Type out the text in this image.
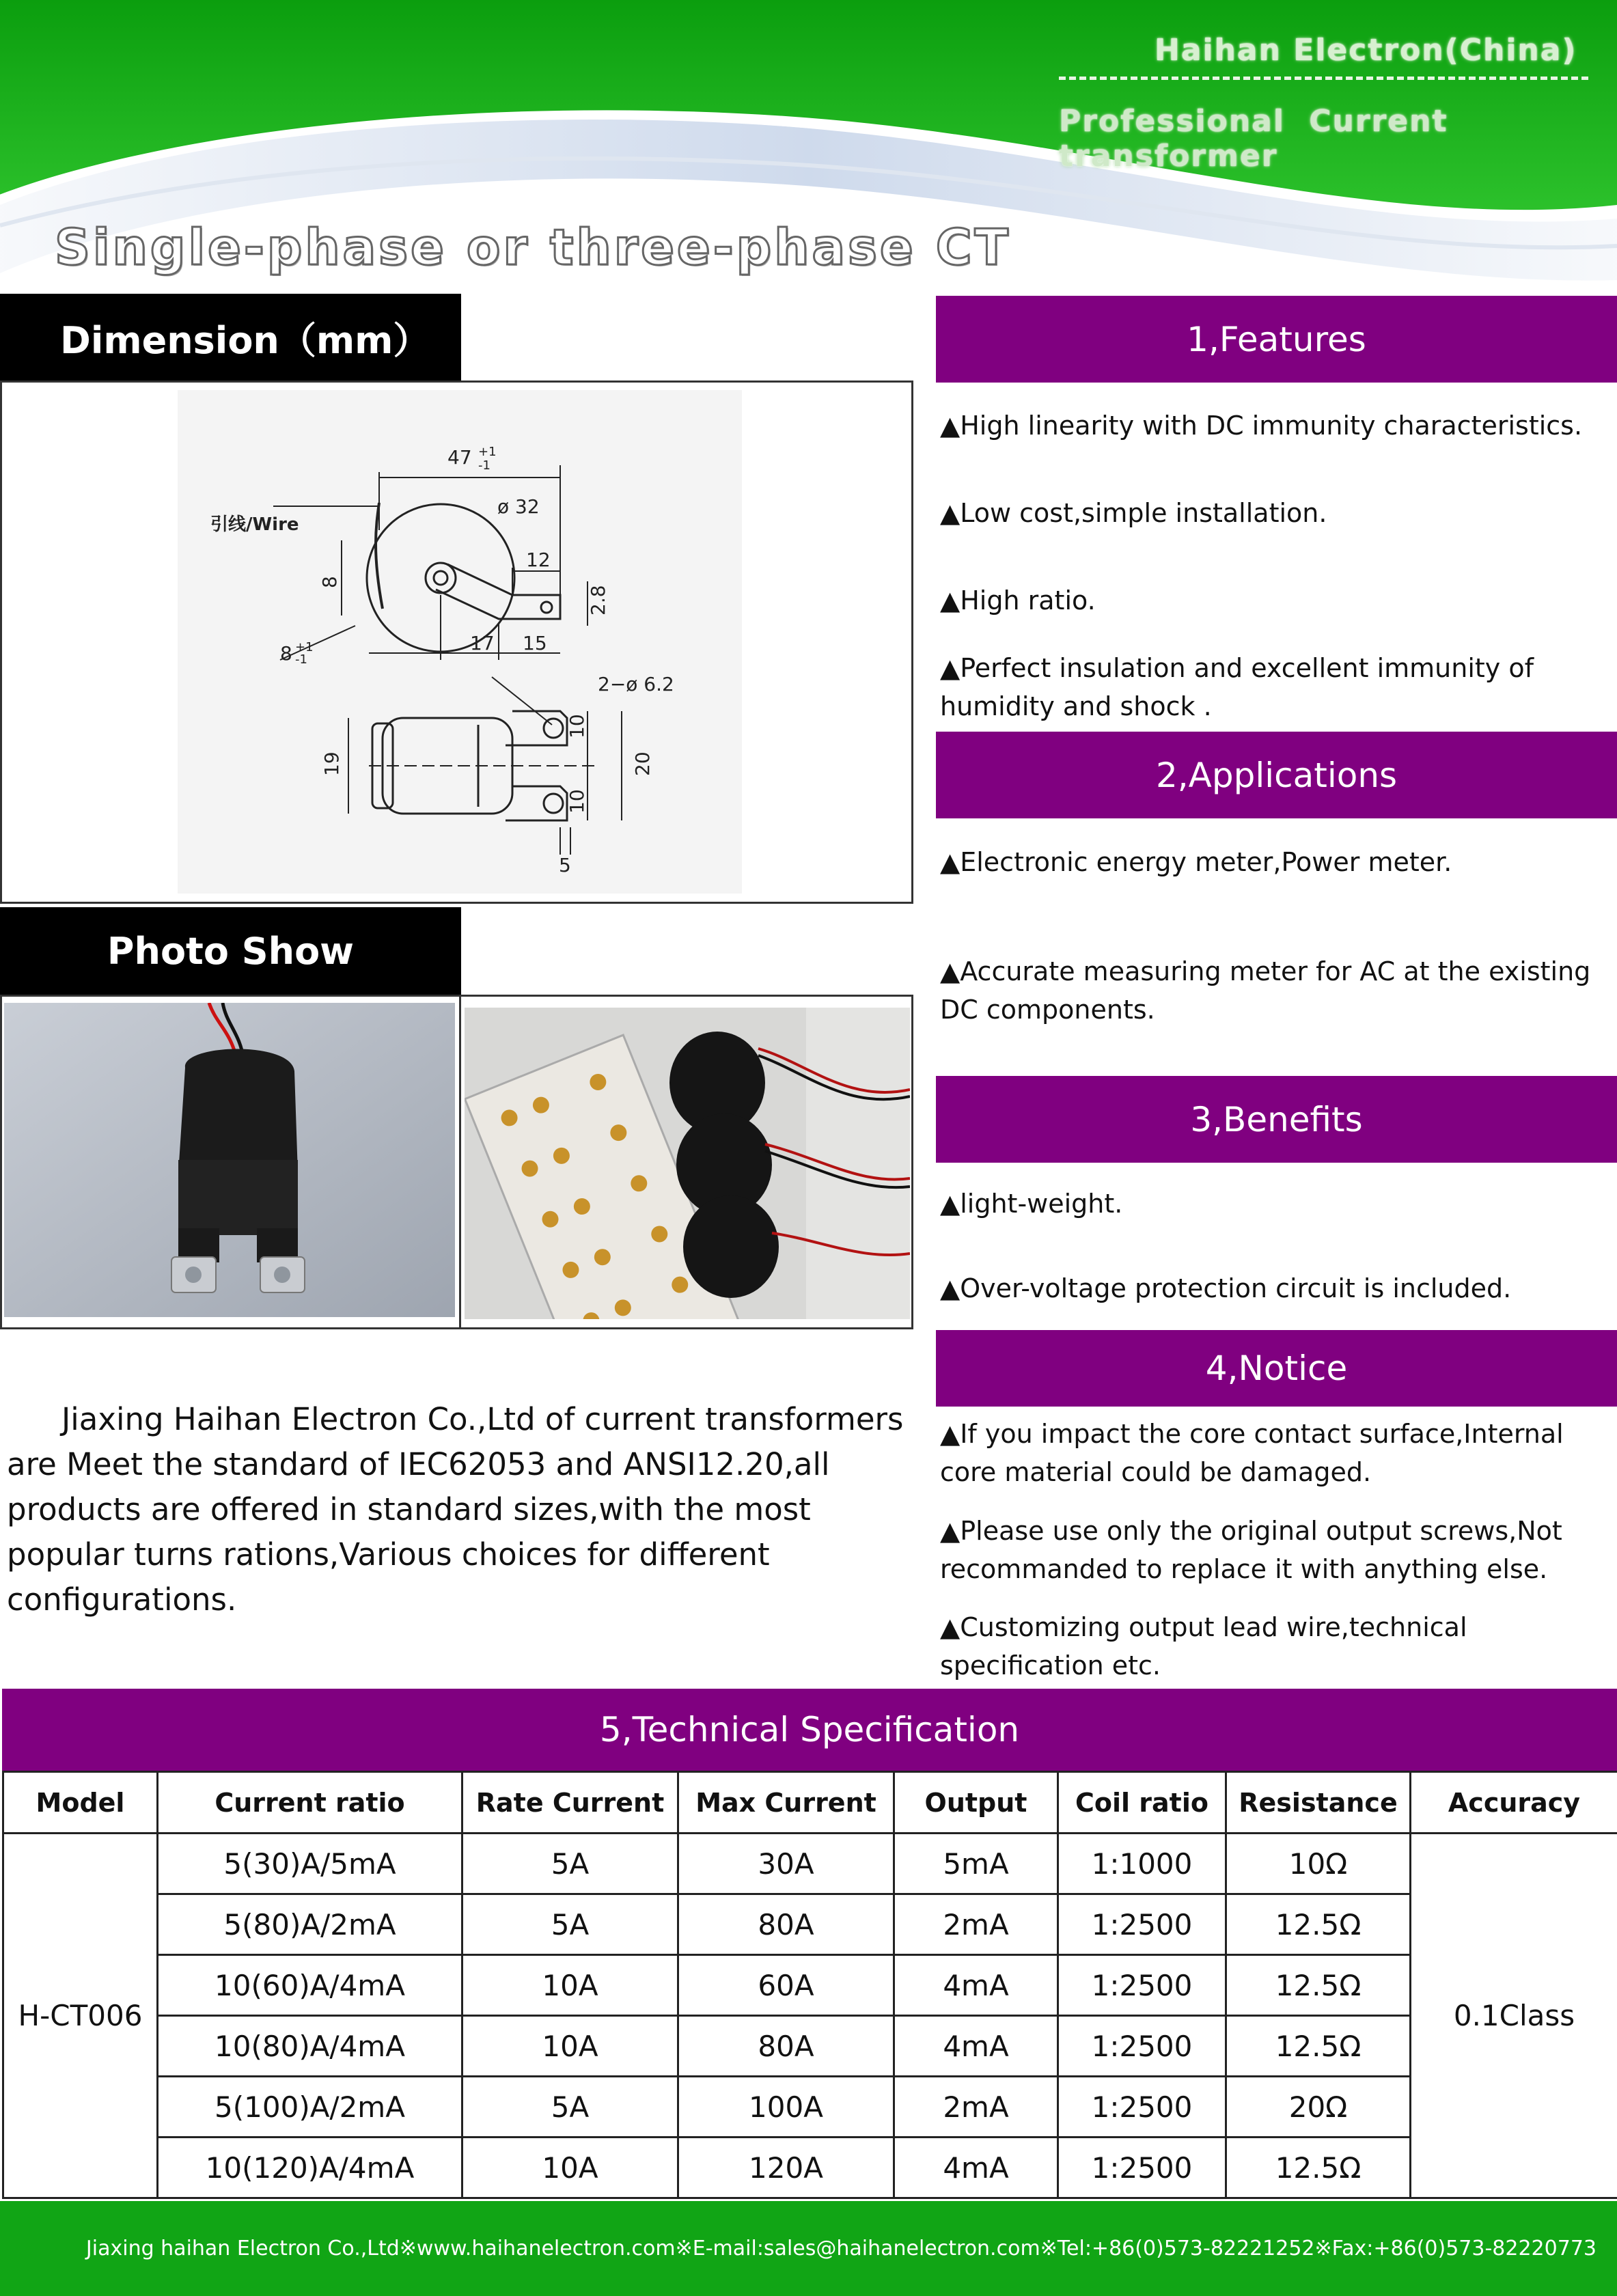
Haihan Electron(China)
Professional Current transformer
Single-phase or three-phase CT
Dimension（mm）
47 +1
-1
引线/Wire
ø 32
12
2.8
8
8 +1
-1
17 15
2−ø 6.2
19
10
20
10
5
Photo Show

Jiaxing Haihan Electron Co.,Ltd of current transformers are Meet the standard of IEC62053 and ANSI12.20,all products are offered in standard sizes,with the most popular turns rations,Various choices for different configurations.

1,Features
▲High linearity with DC immunity characteristics.
▲Low cost,simple installation.
▲High ratio.
▲Perfect insulation and excellent immunity of humidity and shock .
2,Applications
▲Electronic energy meter,Power meter.
▲Accurate measuring meter for AC at the existing DC components.
3,Benefits
▲light-weight.
▲Over-voltage protection circuit is included.
4,Notice
▲If you impact the core contact surface,Internal core material could be damaged.
▲Please use only the original output screws,Not recommanded to replace it with anything else.
▲Customizing output lead wire,technical specification etc.
5,Technical Specification
Model	Current ratio	Rate Current	Max Current	Output	Coil ratio	Resistance	Accuracy
H-CT006	5(30)A/5mA	5A	30A	5mA	1:1000	10Ω	0.1Class
	5(80)A/2mA	5A	80A	2mA	1:2500	12.5Ω	
	10(60)A/4mA	10A	60A	4mA	1:2500	12.5Ω	
	10(80)A/4mA	10A	80A	4mA	1:2500	12.5Ω	
	5(100)A/2mA	5A	100A	2mA	1:2500	20Ω	
	10(120)A/4mA	10A	120A	4mA	1:2500	12.5Ω	
Jiaxing haihan Electron Co.,Ltd※www.haihanelectron.com※E-mail:sales@haihanelectron.com※Tel:+86(0)573-82221252※Fax:+86(0)573-82220773
